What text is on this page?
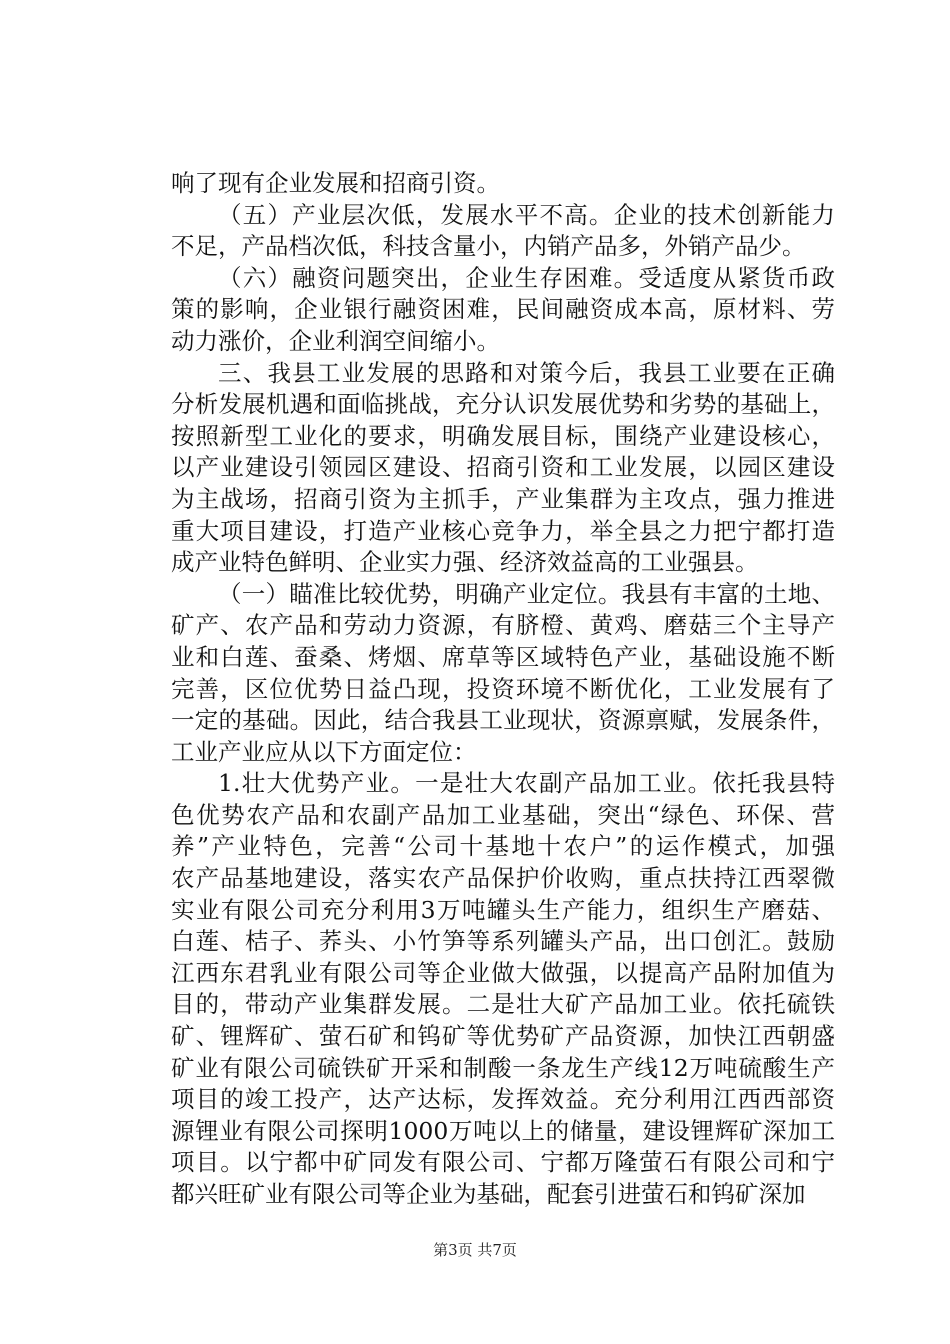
响了现有企业发展和招商引资。
（五）产业层次低，发展水平不高。企业的技术创新能力
不足，产品档次低，科技含量小，内销产品多，外销产品少。
（六）融资问题突出，企业生存困难。受适度从紧货币政
策的影响，企业银行融资困难，民间融资成本高，原材料、劳
动力涨价，企业利润空间缩小。
三、我县工业发展的思路和对策今后，我县工业要在正确
分析发展机遇和面临挑战，充分认识发展优势和劣势的基础上，
按照新型工业化的要求，明确发展目标，围绕产业建设核心，
以产业建设引领园区建设、招商引资和工业发展，以园区建设
为主战场，招商引资为主抓手，产业集群为主攻点，强力推进
重大项目建设，打造产业核心竞争力，举全县之力把宁都打造
成产业特色鲜明、企业实力强、经济效益高的工业强县。
（一）瞄准比较优势，明确产业定位。我县有丰富的土地、
矿产、农产品和劳动力资源，有脐橙、黄鸡、磨菇三个主导产
业和白莲、蚕桑、烤烟、席草等区域特色产业，基础设施不断
完善，区位优势日益凸现，投资环境不断优化，工业发展有了
一定的基础。因此，结合我县工业现状，资源禀赋，发展条件，
工业产业应从以下方面定位：
1.壮大优势产业。一是壮大农副产品加工业。依托我县特
色优势农产品和农副产品加工业基础，突出“绿色、环保、营
养”产业特色，完善“公司十基地十农户”的运作模式，加强
农产品基地建设，落实农产品保护价收购，重点扶持江西翠微
实业有限公司充分利用3万吨罐头生产能力，组织生产磨菇、
白莲、桔子、荞头、小竹笋等系列罐头产品，出口创汇。鼓励
江西东君乳业有限公司等企业做大做强，以提高产品附加值为
目的，带动产业集群发展。二是壮大矿产品加工业。依托硫铁
矿、锂辉矿、萤石矿和钨矿等优势矿产品资源，加快江西朝盛
矿业有限公司硫铁矿开采和制酸一条龙生产线12万吨硫酸生产
项目的竣工投产，达产达标，发挥效益。充分利用江西西部资
源锂业有限公司探明1000万吨以上的储量，建设锂辉矿深加工
项目。以宁都中矿同发有限公司、宁都万隆萤石有限公司和宁
都兴旺矿业有限公司等企业为基础，配套引进萤石和钨矿深加
第3页 共7页
